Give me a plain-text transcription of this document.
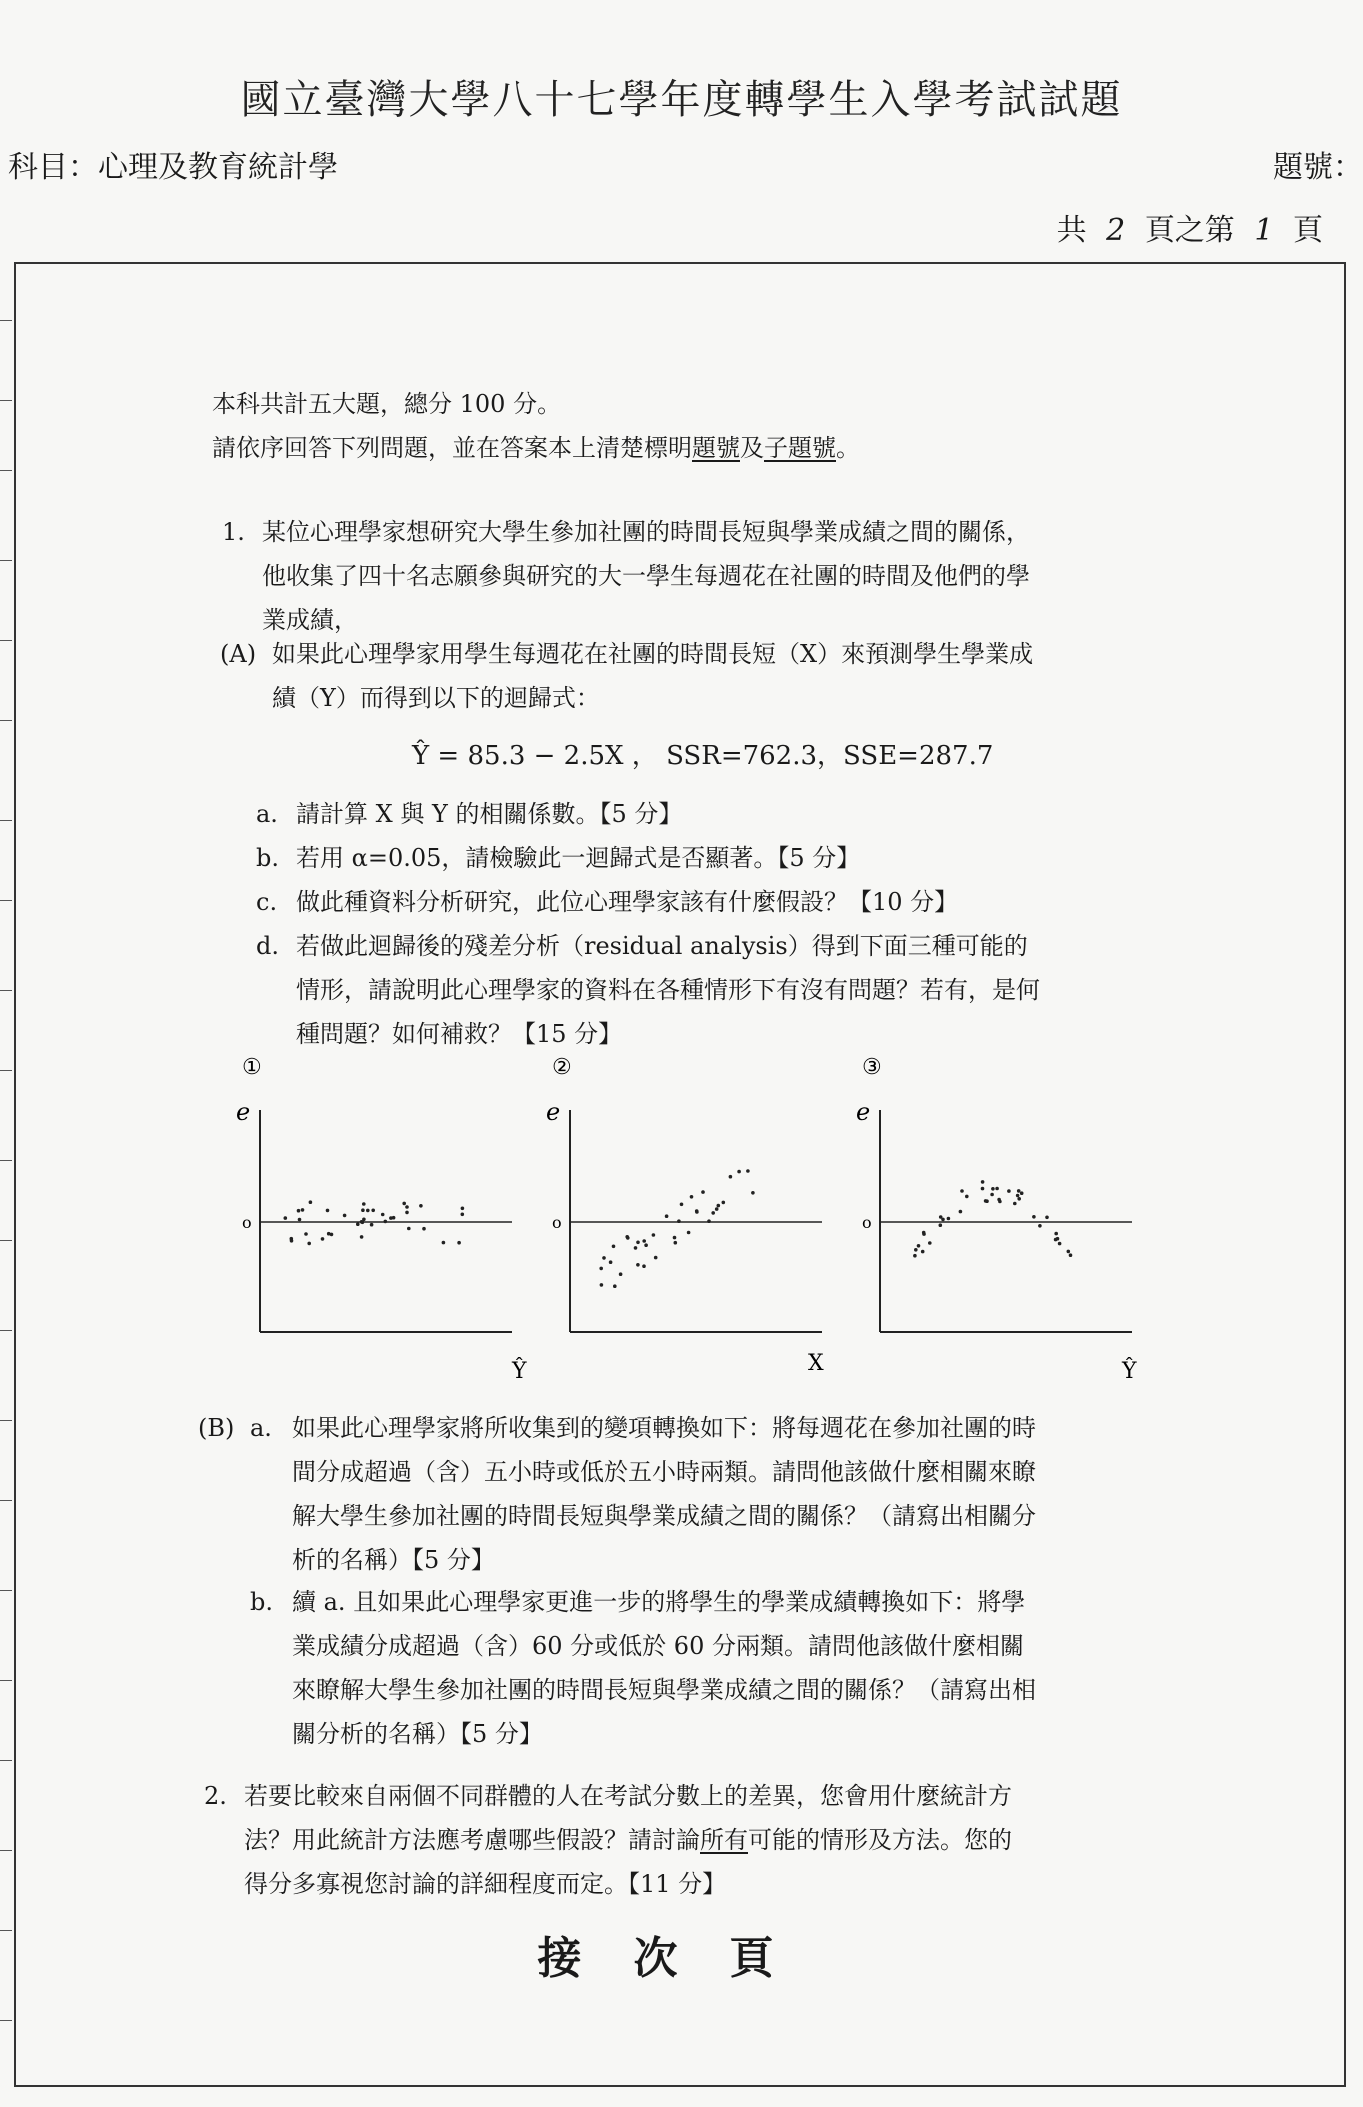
國立臺灣大學八十七學年度轉學生入學考試試題
科目：心理及教育統計學	題號：
共 2 頁之第 1 頁
本科共計五大題，總分 100 分。
請依序回答下列問題，並在答案本上清楚標明題號及子題號。
1. 某位心理學家想研究大學生參加社團的時間長短與學業成績之間的關係，
他收集了四十名志願參與研究的大一學生每週花在社團的時間及他們的學
業成績，
(A) 如果此心理學家用學生每週花在社團的時間長短（X）來預測學生學業成
績（Y）而得到以下的迴歸式：
Ŷ = 85.3 − 2.5X ， SSR=762.3，SSE=287.7
a. 請計算 X 與 Y 的相關係數。【5 分】
b. 若用 α=0.05，請檢驗此一迴歸式是否顯著。【5 分】
c. 做此種資料分析研究，此位心理學家該有什麼假設？【10 分】
d. 若做此迴歸後的殘差分析（residual analysis）得到下面三種可能的
情形，請說明此心理學家的資料在各種情形下有沒有問題？若有，是何
種問題？如何補救？【15 分】
①
e
o
Ŷ
②
e
o
X
③
e
o
Ŷ
(B) a. 如果此心理學家將所收集到的變項轉換如下：將每週花在參加社團的時
間分成超過（含）五小時或低於五小時兩類。請問他該做什麼相關來瞭
解大學生參加社團的時間長短與學業成績之間的關係？（請寫出相關分
析的名稱）【5 分】
b. 續 a. 且如果此心理學家更進一步的將學生的學業成績轉換如下：將學
業成績分成超過（含）60 分或低於 60 分兩類。請問他該做什麼相關
來瞭解大學生參加社團的時間長短與學業成績之間的關係？（請寫出相
關分析的名稱）【5 分】
2. 若要比較來自兩個不同群體的人在考試分數上的差異，您會用什麼統計方
法？用此統計方法應考慮哪些假設？請討論所有可能的情形及方法。您的
得分多寡視您討論的詳細程度而定。【11 分】
接次頁
